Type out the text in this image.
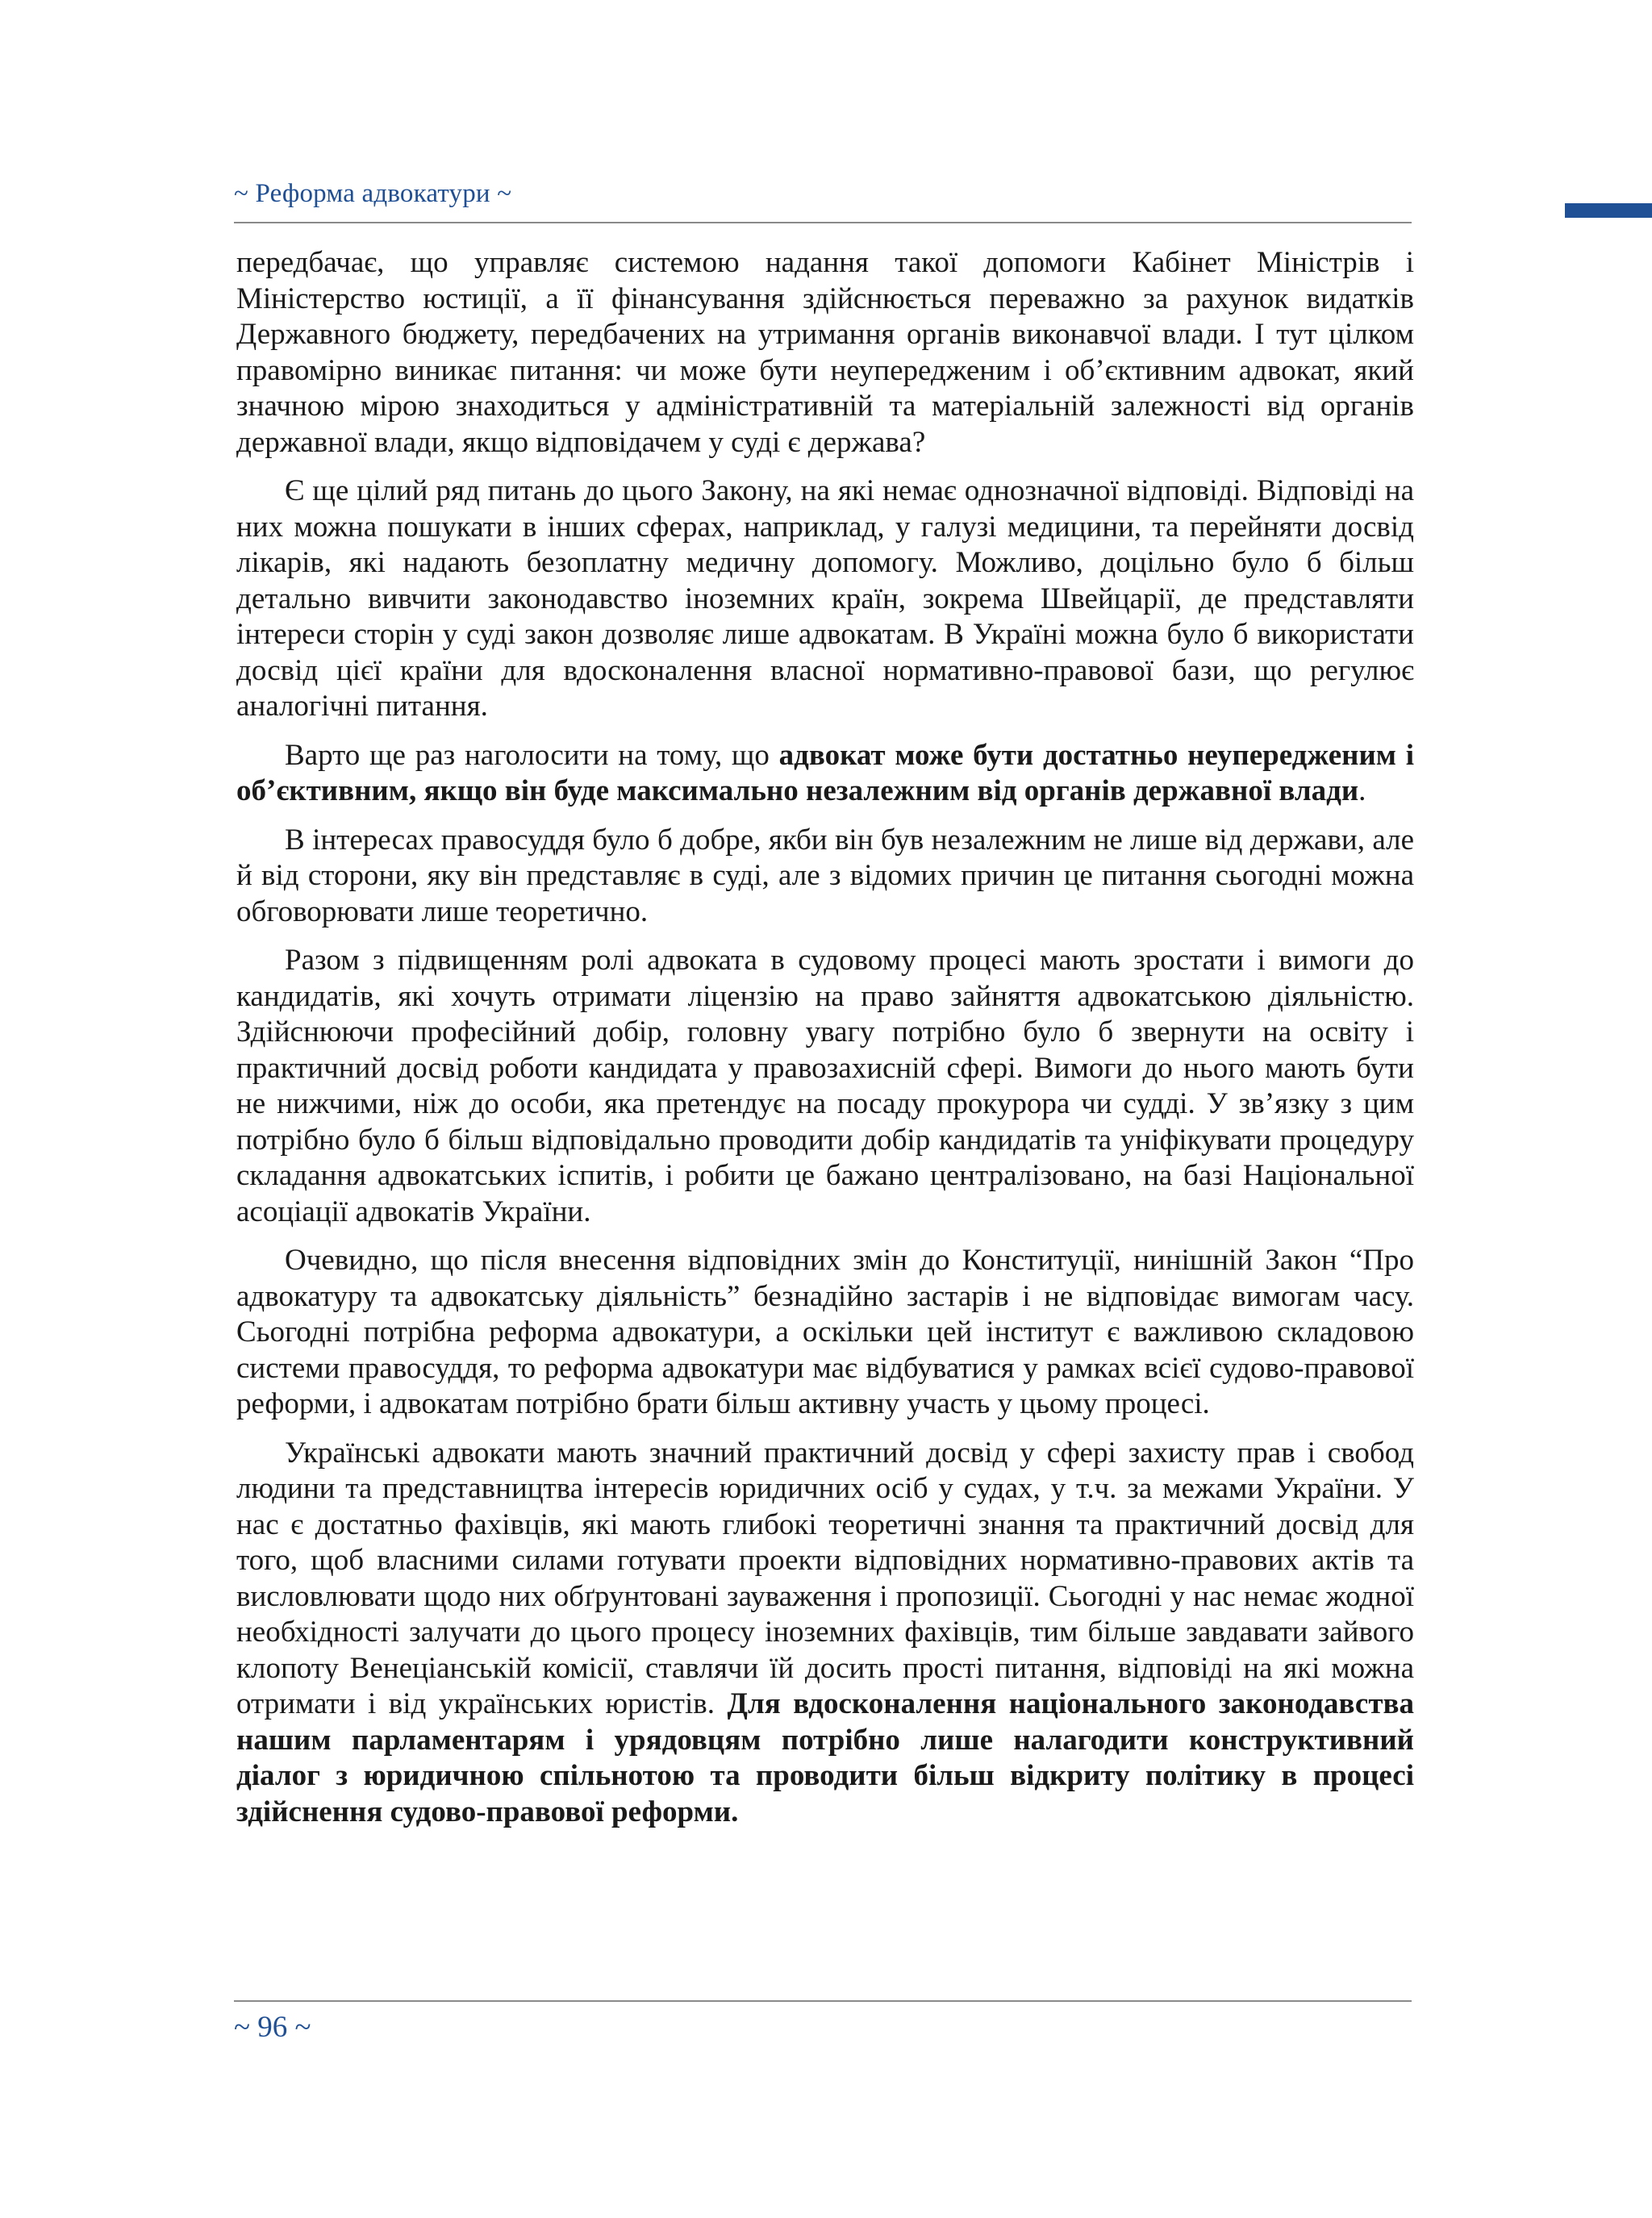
~ Реформа адвокатури ~

передбачає, що управляє системою надання такої допомоги Кабінет Міністрів і Міністерство юстиції, а її фінансування здійснюється переважно за рахунок видатків Державного бюджету, передбачених на утримання органів виконавчої влади. І тут цілком правомірно виникає питання: чи може бути неупередженим і об’єктивним адвокат, який значною мірою знаходиться у адміністративній та матеріальній залежності від органів державної влади, якщо відповідачем у суді є держава?

Є ще цілий ряд питань до цього Закону, на які немає однозначної відповіді. Відповіді на них можна пошукати в інших сферах, наприклад, у галузі медицини, та перейняти досвід лікарів, які надають безоплатну медичну допомогу. Можливо, доцільно було б більш детально вивчити законодавство іноземних країн, зокрема Швейцарії, де представляти інтереси сторін у суді закон дозволяє лише адвокатам. В Україні можна було б використати досвід цієї країни для вдосконалення власної нормативно-правової бази, що регулює аналогічні питання.

Варто ще раз наголосити на тому, що адвокат може бути достатньо неупередженим і об’єктивним, якщо він буде максимально незалежним від органів державної влади.

В інтересах правосуддя було б добре, якби він був незалежним не лише від держави, але й від сторони, яку він представляє в суді, але з відомих причин це питання сьогодні можна обговорювати лише теоретично.

Разом з підвищенням ролі адвоката в судовому процесі мають зростати і вимоги до кандидатів, які хочуть отримати ліцензію на право зайняття адвокатською діяльністю. Здійснюючи професійний добір, головну увагу потрібно було б звернути на освіту і практичний досвід роботи кандидата у правозахисній сфері. Вимоги до нього мають бути не нижчими, ніж до особи, яка претендує на посаду прокурора чи судді. У зв’язку з цим потрібно було б більш відповідально проводити добір кандидатів та уніфікувати процедуру складання адвокатських іспитів, і робити це бажано централізовано, на базі Національної асоціації адвокатів України.

Очевидно, що після внесення відповідних змін до Конституції, нинішній Закон “Про адвокатуру та адвокатську діяльність” безнадійно застарів і не відповідає вимогам часу. Сьогодні потрібна реформа адвокатури, а оскільки цей інститут є важливою складовою системи правосуддя, то реформа адвокатури має відбуватися у рамках всієї судово-правової реформи, і адвокатам потрібно брати більш активну участь у цьому процесі.

Українські адвокати мають значний практичний досвід у сфері захисту прав і свобод людини та представництва інтересів юридичних осіб у судах, у т.ч. за межами України. У нас є достатньо фахівців, які мають глибокі теоретичні знання та практичний досвід для того, щоб власними силами готувати проекти відповідних нормативно-правових актів та висловлювати щодо них обґрунтовані зауваження і пропозиції. Сьогодні у нас немає жодної необхідності залучати до цього процесу іноземних фахівців, тим більше завдавати зайвого клопоту Венеціанській комісії, ставлячи їй досить прості питання, відповіді на які можна отримати і від українських юристів. Для вдосконалення національного законодавства нашим парламентарям і урядовцям потрібно лише налагодити конструктивний діалог з юридичною спільнотою та проводити більш відкриту політику в процесі здійснення судово-правової реформи.

~ 96 ~
